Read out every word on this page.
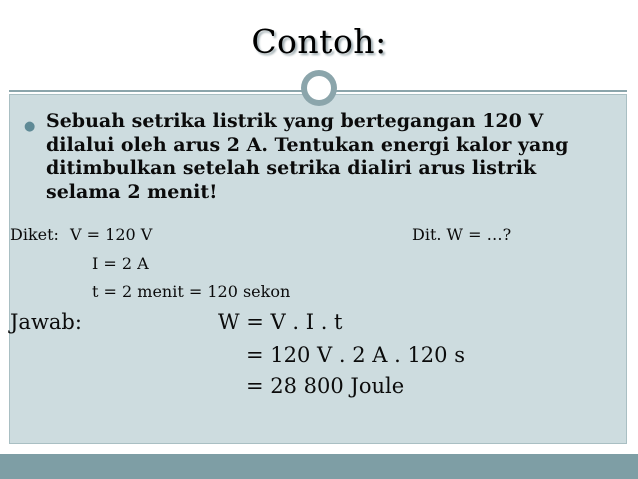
Contoh:
● Sebuah setrika listrik yang bertegangan 120 V dilalui oleh arus 2 A. Tentukan energi kalor yang ditimbulkan setelah setrika dialiri arus listrik selama 2 menit!
Diket: V = 120 V	Dit. W = …?
I = 2 A
t = 2 menit = 120 sekon
Jawab:	W = V . I . t
= 120 V . 2 A . 120 s
= 28 800 Joule
